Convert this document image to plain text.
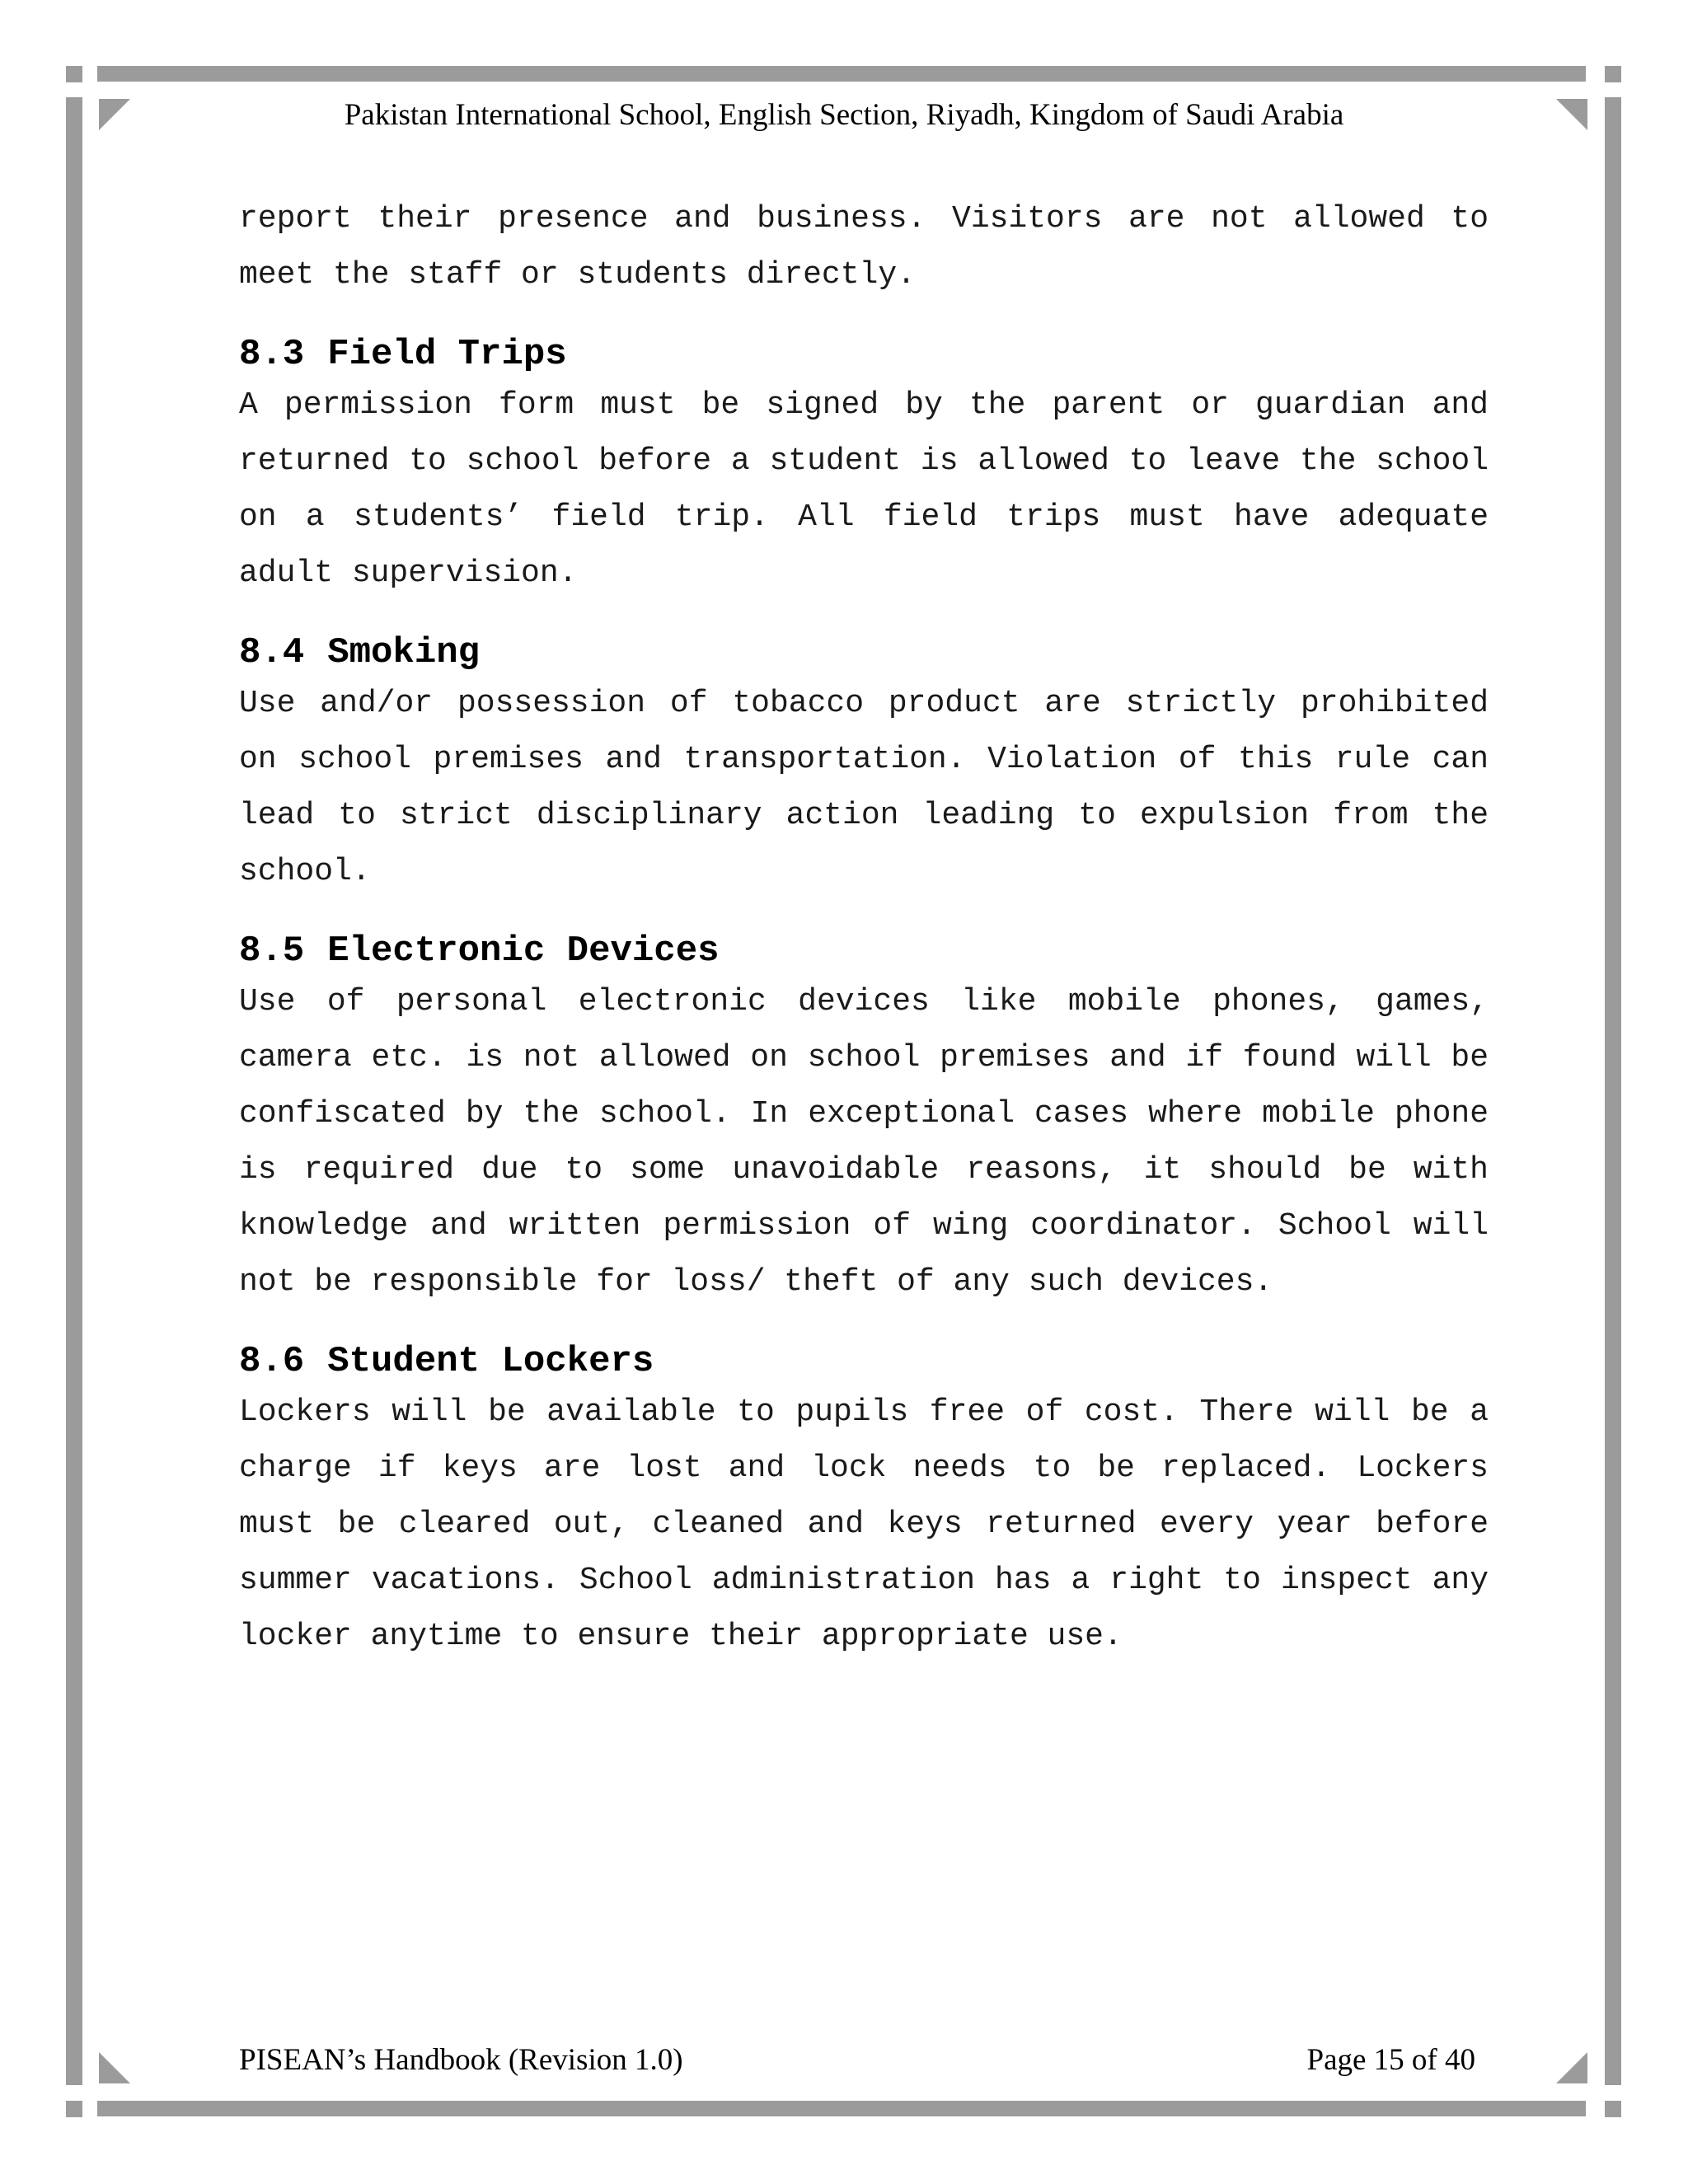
Pakistan International School, English Section, Riyadh, Kingdom of Saudi Arabia

report their presence and business. Visitors are not allowed to meet the staff or students directly.

8.3 Field Trips

A permission form must be signed by the parent or guardian and returned to school before a student is allowed to leave the school on a students’ field trip. All field trips must have adequate adult supervision.

8.4 Smoking

Use and/or possession of tobacco product are strictly prohibited on school premises and transportation. Violation of this rule can lead to strict disciplinary action leading to expulsion from the school.

8.5 Electronic Devices

Use of personal electronic devices like mobile phones, games, camera etc. is not allowed on school premises and if found will be confiscated by the school. In exceptional cases where mobile phone is required due to some unavoidable reasons, it should be with knowledge and written permission of wing coordinator. School will not be responsible for loss/ theft of any such devices.

8.6 Student Lockers

Lockers will be available to pupils free of cost. There will be a charge if keys are lost and lock needs to be replaced. Lockers must be cleared out, cleaned and keys returned every year before summer vacations. School administration has a right to inspect any locker anytime to ensure their appropriate use.

PISEAN’s Handbook (Revision 1.0)	Page 15 of 40
